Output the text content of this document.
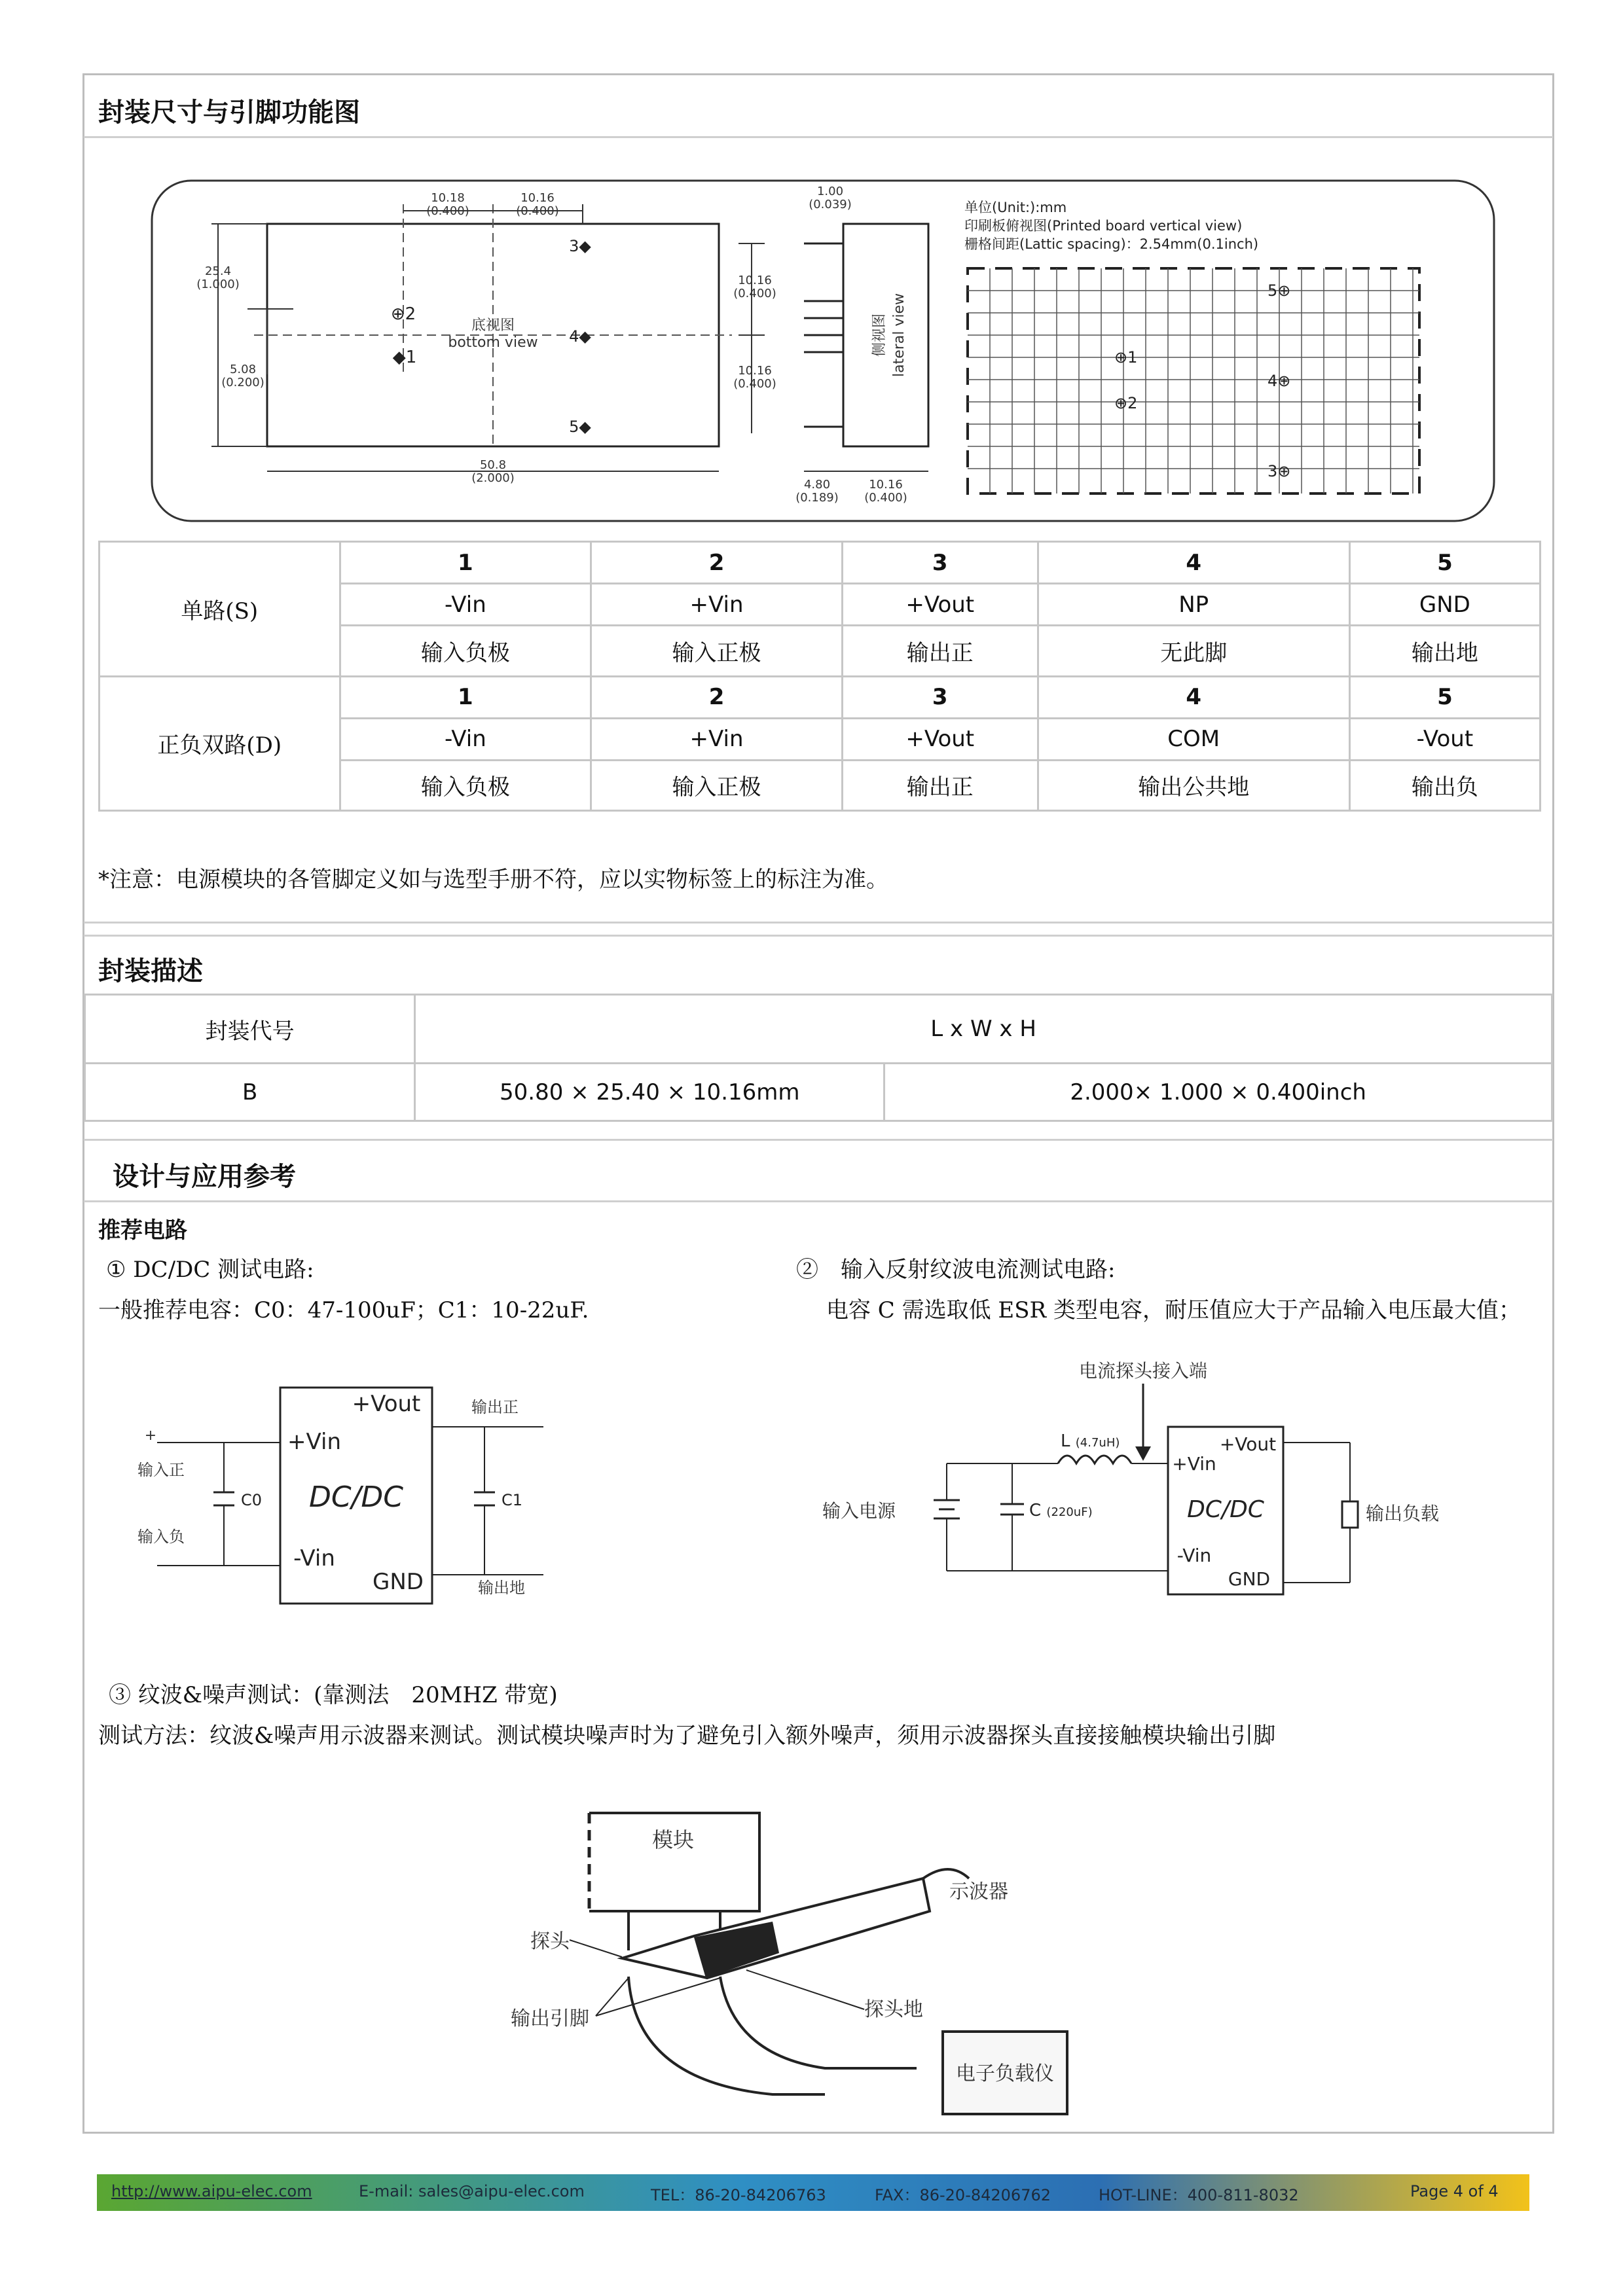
封装尺寸与引脚功能图
10.18
(0.400)
10.16
(0.400)
25.4
(1.000)
5.08
(0.200)
50.8
(2.000)
⊕2
◆1
3◆
4◆
5◆
底视图
bottom view
10.16
(0.400)
10.16
(0.400)
1.00
(0.039)
侧视图 lateral view
4.80
(0.189)
10.16
(0.400)
单位(Unit:):mm
印刷板俯视图(Printed board vertical view)
栅格间距(Lattic spacing)：2.54mm(0.1inch)
⊕1
⊕2
5⊕
4⊕
3⊕
单路(S)	1	2	3	4	5
	-Vin	+Vin	+Vout	NP	GND
	输入负极	输入正极	输出正	无此脚	输出地
正负双路(D)	1	2	3	4	5
	-Vin	+Vin	+Vout	COM	-Vout
	输入负极	输入正极	输出正	输出公共地	输出负
*注意：电源模块的各管脚定义如与选型手册不符，应以实物标签上的标注为准。
封装描述
封装代号	L x W x H	
B	50.80 × 25.40 × 10.16mm	2.000× 1.000 × 0.400inch
设计与应用参考
推荐电路
① DC/DC 测试电路:
一般推荐电容：C0：47-100uF；C1：10-22uF.
②　输入反射纹波电流测试电路:
电容 C 需选取低 ESR 类型电容，耐压值应大于产品输入电压最大值；
+Vout
+Vin
DC/DC
-Vin
GND
C0
+
输入正
输入负
C1
输出正
输出地
电流探头接入端
L (4.7uH)
输入电源	C (220uF)
+Vout
+Vin
DC/DC
-Vin
GND
输出负载
③ 纹波&噪声测试：(靠测法　20MHZ 带宽)
测试方法：纹波&噪声用示波器来测试。测试模块噪声时为了避免引入额外噪声，须用示波器探头直接接触模块输出引脚
模块
示波器
探头
探头地
输出引脚
电子负载仪
http://www.aipu-elec.com	E-mail: sales@aipu-elec.com	TEL：86-20-84206763	FAX：86-20-84206762	HOT-LINE：400-811-8032	Page 4 of 4
